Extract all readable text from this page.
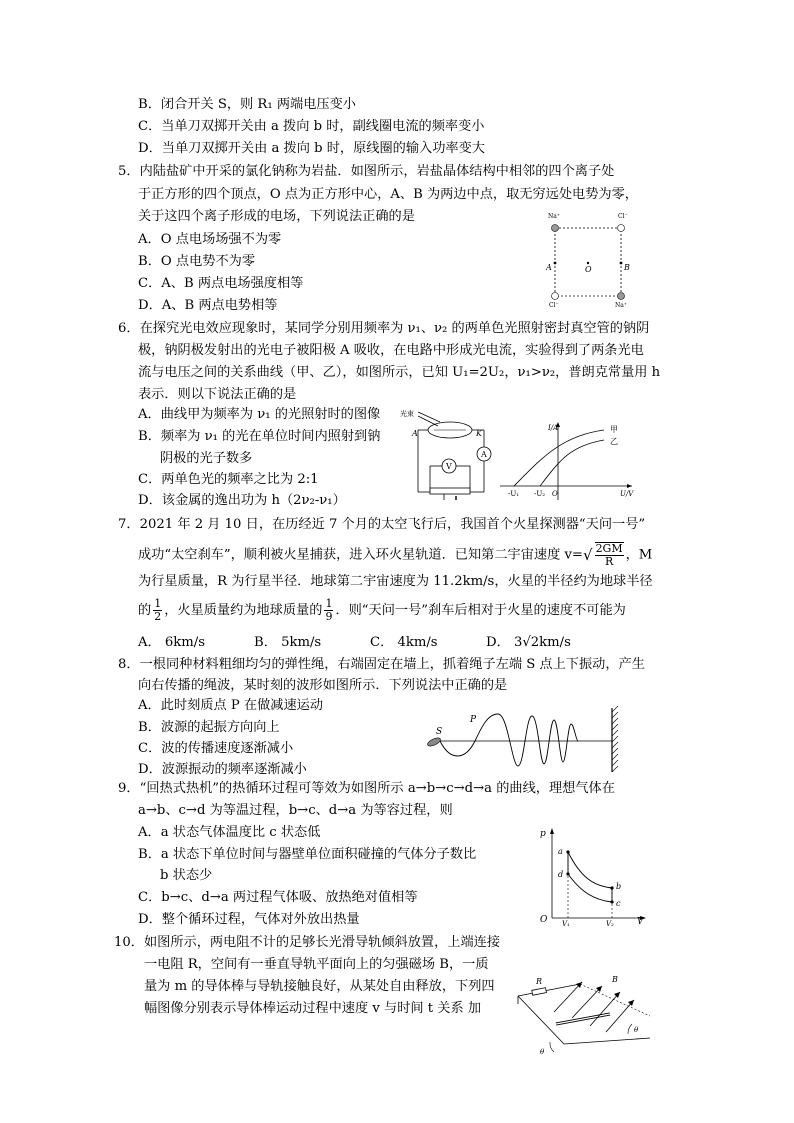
B．闭合开关 S，则 R₁ 两端电压变小
C．当单刀双掷开关由 a 拨向 b 时，副线圈电流的频率变小
D．当单刀双掷开关由 a 拨向 b 时，原线圈的输入功率变大
5．内陆盐矿中开采的氯化钠称为岩盐．如图所示，岩盐晶体结构中相邻的四个离子处
于正方形的四个顶点，O 点为正方形中心，A、B 为两边中点，取无穷远处电势为零，
关于这四个离子形成的电场，下列说法正确的是
A．O 点电场场强不为零
B．O 点电势不为零
C．A、B 两点电场强度相等
D．A、B 两点电势相等
Na⁺	Cl⁻
Cl⁻	Na⁺
A	O	B
6．在探究光电效应现象时，某同学分别用频率为 ν₁、ν₂ 的两单色光照射密封真空管的钠阴
极，钠阴极发射出的光电子被阳极 A 吸收，在电路中形成光电流，实验得到了两条光电
流与电压之间的关系曲线（甲、乙），如图所示，已知 U₁=2U₂，ν₁>ν₂，普朗克常量用 h
表示．则以下说法正确的是
A．曲线甲为频率为 ν₁ 的光照射时的图像
B．频率为 ν₁ 的光在单位时间内照射到钠
阴极的光子数多
C．两单色光的频率之比为 2:1
D．该金属的逸出功为 h（2ν₂-ν₁）
光束
A	K
A
V
I/A
U/V
O
-U₁ -U₂
甲
乙
7．2021 年 2 月 10 日，在历经近 7 个月的太空飞行后，我国首个火星探测器“天问一号”
成功“太空刹车”，顺利被火星捕获，进入环火星轨道．已知第二宇宙速度 $v=√ \frac{2GM}{R}$ ，M
为行星质量，R 为行星半径．地球第二宇宙速度为 11.2km/s，火星的半径约为地球半径
的 $\frac{1}{2}$ ，火星质量约为地球质量的 $\frac{1}{9}$ ．则“天问一号”刹车后相对于火星的速度不可能为
A． 6km/s	B． 5km/s	C． 4km/s	D． 3√2km/s
8．一根同种材料粗细均匀的弹性绳，右端固定在墙上，抓着绳子左端 S 点上下振动，产生
向右传播的绳波，某时刻的波形如图所示．下列说法中正确的是
A．此时刻质点 P 在做减速运动
B．波源的起振方向向上
C．波的传播速度逐渐减小
D．波源振动的频率逐渐减小
S
P
9．“回热式热机”的热循环过程可等效为如图所示 a→b→c→d→a 的曲线，理想气体在
a→b、c→d 为等温过程，b→c、d→a 为等容过程，则
A．a 状态气体温度比 c 状态低
B．a 状态下单位时间与器壁单位面积碰撞的气体分子数比
b 状态少
C．b→c、d→a 两过程气体吸、放热绝对值相等
D．整个循环过程，气体对外放出热量
p
O	V
a
d
b
c
V₁	V₂
10．如图所示，两电阻不计的足够长光滑导轨倾斜放置，上端连接
一电阻 R，空间有一垂直导轨平面向上的匀强磁场 B，一质
量为 m 的导体棒与导轨接触良好，从某处自由释放，下列四
幅图像分别表示导体棒运动过程中速度 v 与时间 t 关系 加
R	B
θ
θ
